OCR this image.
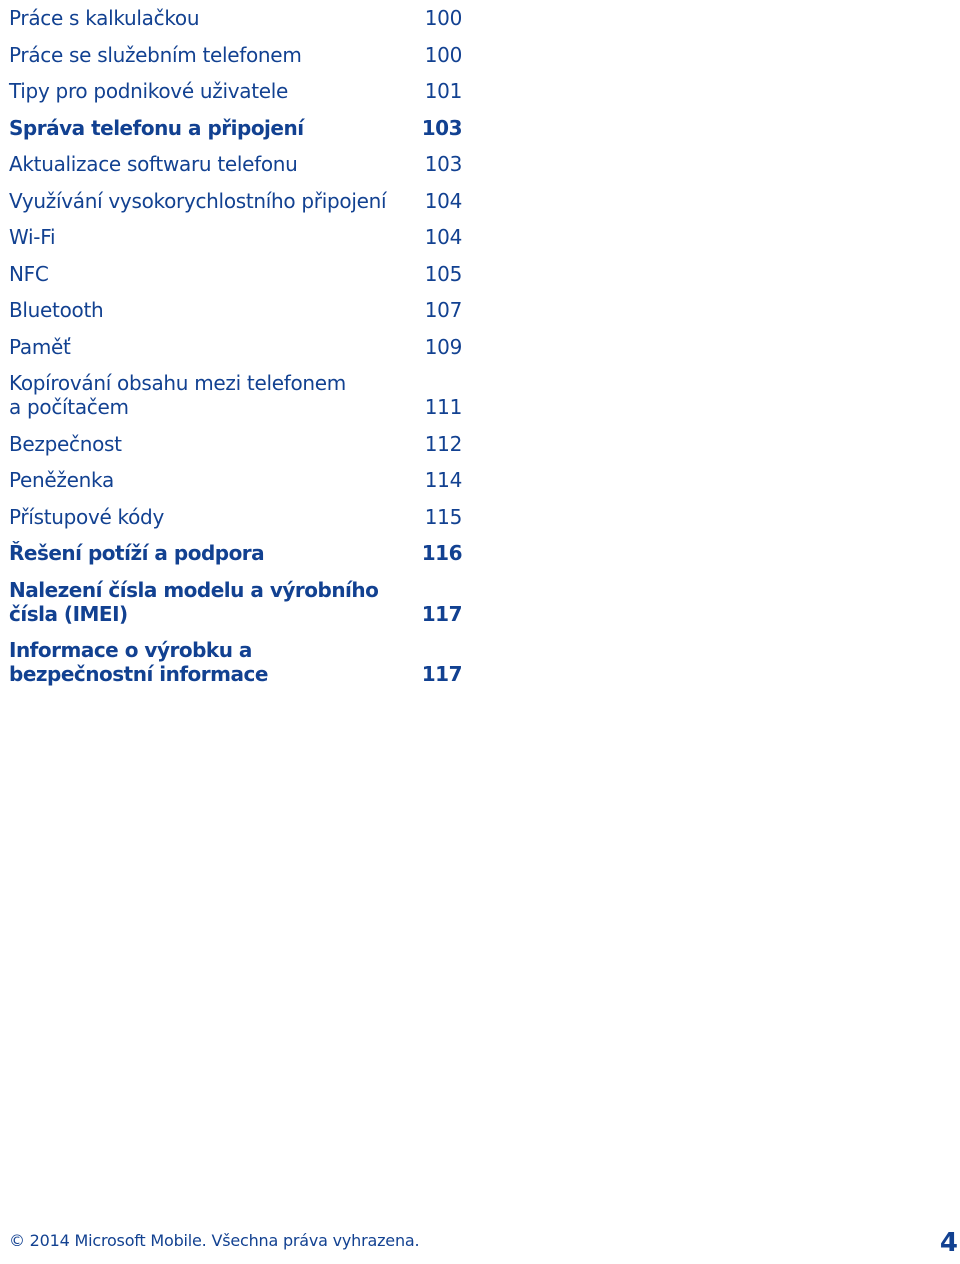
Práce s kalkulačkou	100
Práce se služebním telefonem	100
Tipy pro podnikové uživatele	101
Správa telefonu a připojení	103
Aktualizace softwaru telefonu	103
Využívání vysokorychlostního připojení	104
Wi-Fi	104
NFC	105
Bluetooth	107
Paměť	109
Kopírování obsahu mezi telefonem a počítačem	111
Bezpečnost	112
Peněženka	114
Přístupové kódy	115
Řešení potíží a podpora	116
Nalezení čísla modelu a výrobního čísla (IMEI)	117
Informace o výrobku a bezpečnostní informace	117
© 2014 Microsoft Mobile. Všechna práva vyhrazena.	4
